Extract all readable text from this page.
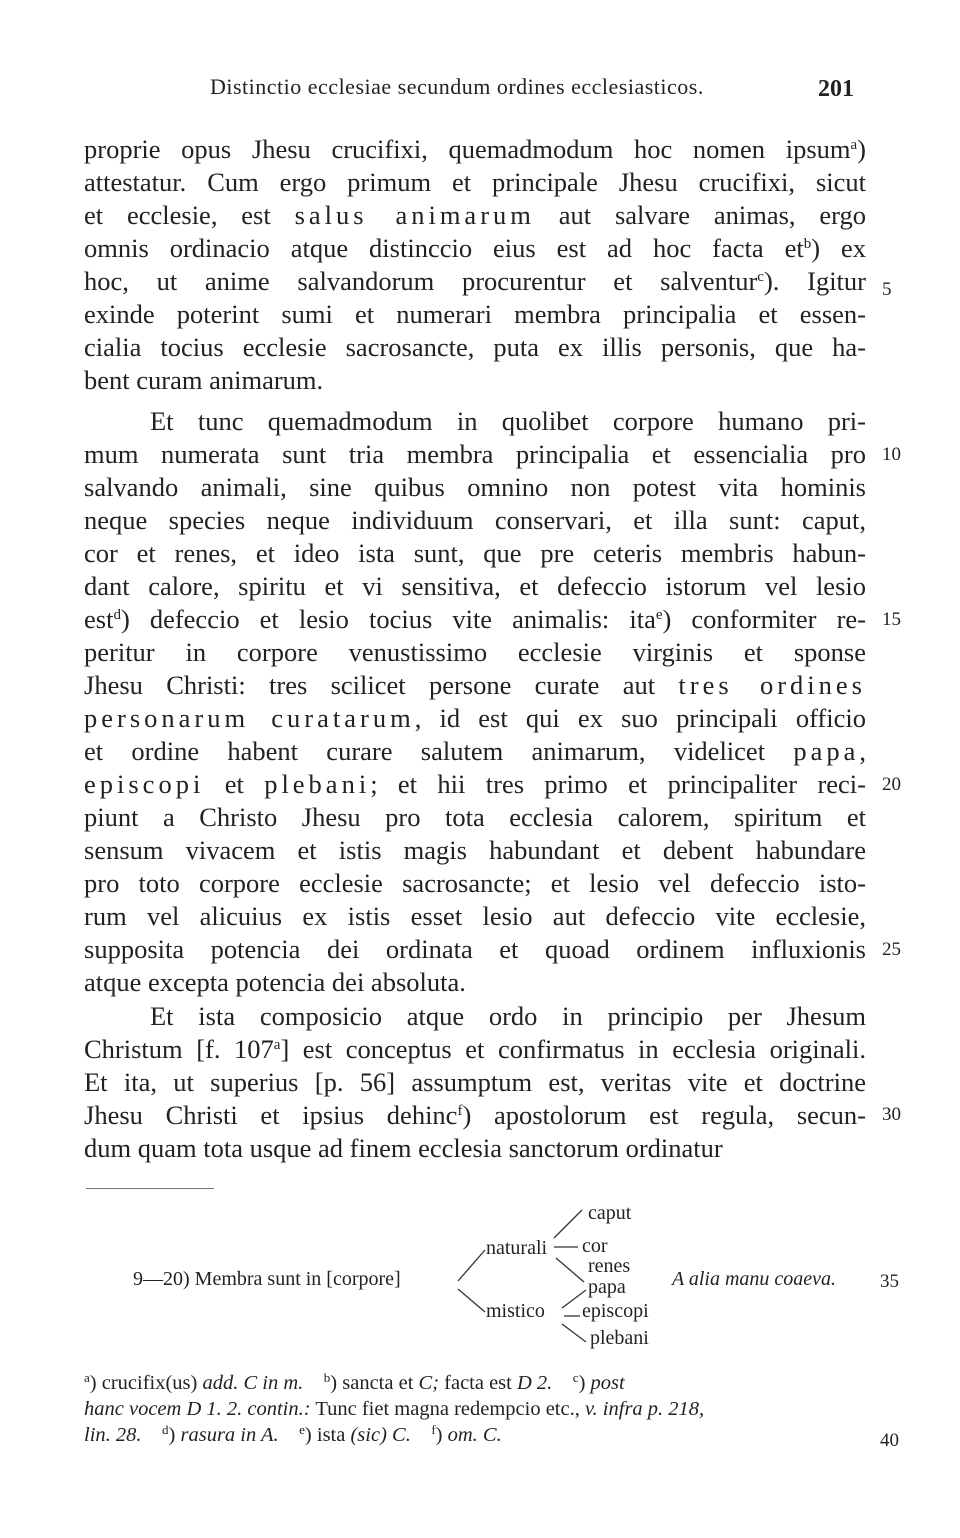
Distinctio ecclesiae secundum ordines ecclesiasticos.	201
proprie opus Jhesu crucifixi, quemadmodum hoc nomen ipsum$^a$)
attestatur. Cum ergo primum et principale Jhesu crucifixi, sicut
et ecclesie, est salus animarum aut salvare animas, ergo
omnis ordinacio atque distinccio eius est ad hoc facta $et^b$) ex
hoc, ut anime salvandorum procurentur et salventur$^c$). Igitur
exinde poterint sumi et numerari membra principalia et essen-
cialia tocius ecclesie sacrosancte, puta ex illis personis, que ha-
bent curam animarum.
Et tunc quemadmodum in quolibet corpore humano pri-
mum numerata sunt tria membra principalia et essencialia pro
salvando animali, sine quibus omnino non potest vita hominis
neque species neque individuum conservari, et illa sunt: caput,
cor et renes, et ideo ista sunt, que pre ceteris membris habun-
dant calore, spiritu et vi sensitiva, et defeccio istorum vel lesio
est$^d$) defeccio et lesio tocius vite animalis: ita$^e$) conformiter re-
peritur in corpore venustissimo ecclesie virginis et sponse
Jhesu Christi: tres scilicet persone curate aut tres ordines
personarum curatarum, id est qui ex suo principali officio
et ordine habent curare salutem animarum, videlicet papa,
episcopi et plebani; et hii tres primo et principaliter reci-
piunt a Christo Jhesu pro tota ecclesia calorem, spiritum et
sensum vivacem et istis magis habundant et debent habundare
pro toto corpore ecclesie sacrosancte; et lesio vel defeccio isto-
rum vel alicuius ex istis esset lesio aut defeccio vite ecclesie,
supposita potencia dei ordinata et quoad ordinem influxionis
atque excepta potencia dei absoluta.
Et ista composicio atque ordo in principio per Jhesum
Christum [f. 107$^a$] est conceptus et confirmatus in ecclesia originali.
Et ita, ut superius [p. 56] assumptum est, veritas vite et doctrine
Jhesu Christi et ipsius dehinc$^f$) apostolorum est regula, secun-
dum quam tota usque ad finem ecclesia sanctorum ordinatur
5
10
15
20
25
30
9—20) Membra sunt in [corpore]
naturali
mistico
caput
cor
renes
papa
episcopi
plebani
A alia manu coaeva. 35
$^a$) crucifix(us) add. C in m. $^b$) sancta et C; facta est D 2. $^c$) post
hanc vocem D 1. 2. contin.: Tunc fiet magna redempcio etc., v. infra p. 218,
lin. 28. $^d$) rasura in A. $^e$) ista (sic) C. $^f$) om. C.	40
